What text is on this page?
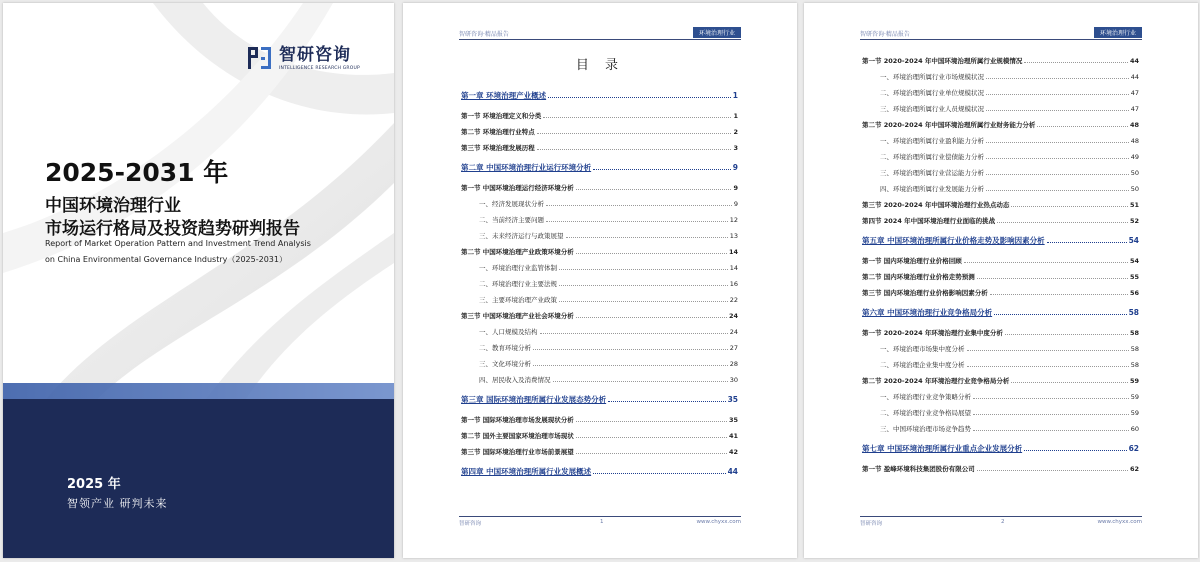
智研咨询
INTELLIGENCE RESEARCH GROUP
2025-2031 年
中国环境治理行业
市场运行格局及投资趋势研判报告
Report of Market Operation Pattern and Investment Trend Analysis
on China Environmental Governance Industry（2025-2031）
2025 年
智领产业 研判未来
智研咨询·精品报告	环境治理行业
目 录
第一章 环境治理产业概述	1
第一节 环境治理定义和分类	1
第二节 环境治理行业特点	2
第三节 环境治理发展历程	3
第二章 中国环境治理行业运行环境分析	9
第一节 中国环境治理运行经济环境分析	9
一、经济发展现状分析	9
二、当前经济主要问题	12
三、未来经济运行与政策展望	13
第二节 中国环境治理产业政策环境分析	14
一、环境治理行业监管体制	14
二、环境治理行业主要法规	16
三、主要环境治理产业政策	22
第三节 中国环境治理产业社会环境分析	24
一、人口规模及结构	24
二、教育环境分析	27
三、文化环境分析	28
四、居民收入及消费情况	30
第三章 国际环境治理所属行业发展态势分析	35
第一节 国际环境治理市场发展现状分析	35
第二节 国外主要国家环境治理市场现状	41
第三节 国际环境治理行业市场前景展望	42
第四章 中国环境治理所属行业发展概述	44
智研咨询	1	www.chyxx.com
智研咨询·精品报告	环境治理行业
第一节 2020-2024 年中国环境治理所属行业规模情况	44
一、环境治理所属行业市场规模状况	44
二、环境治理所属行业单位规模状况	47
三、环境治理所属行业人员规模状况	47
第二节 2020-2024 年中国环境治理所属行业财务能力分析	48
一、环境治理所属行业盈利能力分析	48
二、环境治理所属行业偿债能力分析	49
三、环境治理所属行业营运能力分析	50
四、环境治理所属行业发展能力分析	50
第三节 2020-2024 年中国环境治理行业热点动态	51
第四节 2024 年中国环境治理行业面临的挑战	52
第五章 中国环境治理所属行业价格走势及影响因素分析	54
第一节 国内环境治理行业价格回顾	54
第二节 国内环境治理行业价格走势预测	55
第三节 国内环境治理行业价格影响因素分析	56
第六章 中国环境治理行业竞争格局分析	58
第一节 2020-2024 年环境治理行业集中度分析	58
一、环境治理市场集中度分析	58
二、环境治理企业集中度分析	58
第二节 2020-2024 年环境治理行业竞争格局分析	59
一、环境治理行业竞争策略分析	59
二、环境治理行业竞争格局展望	59
三、中国环境治理市场竞争趋势	60
第七章 中国环境治理所属行业重点企业发展分析	62
第一节 盈峰环境科技集团股份有限公司	62
智研咨询	2	www.chyxx.com
